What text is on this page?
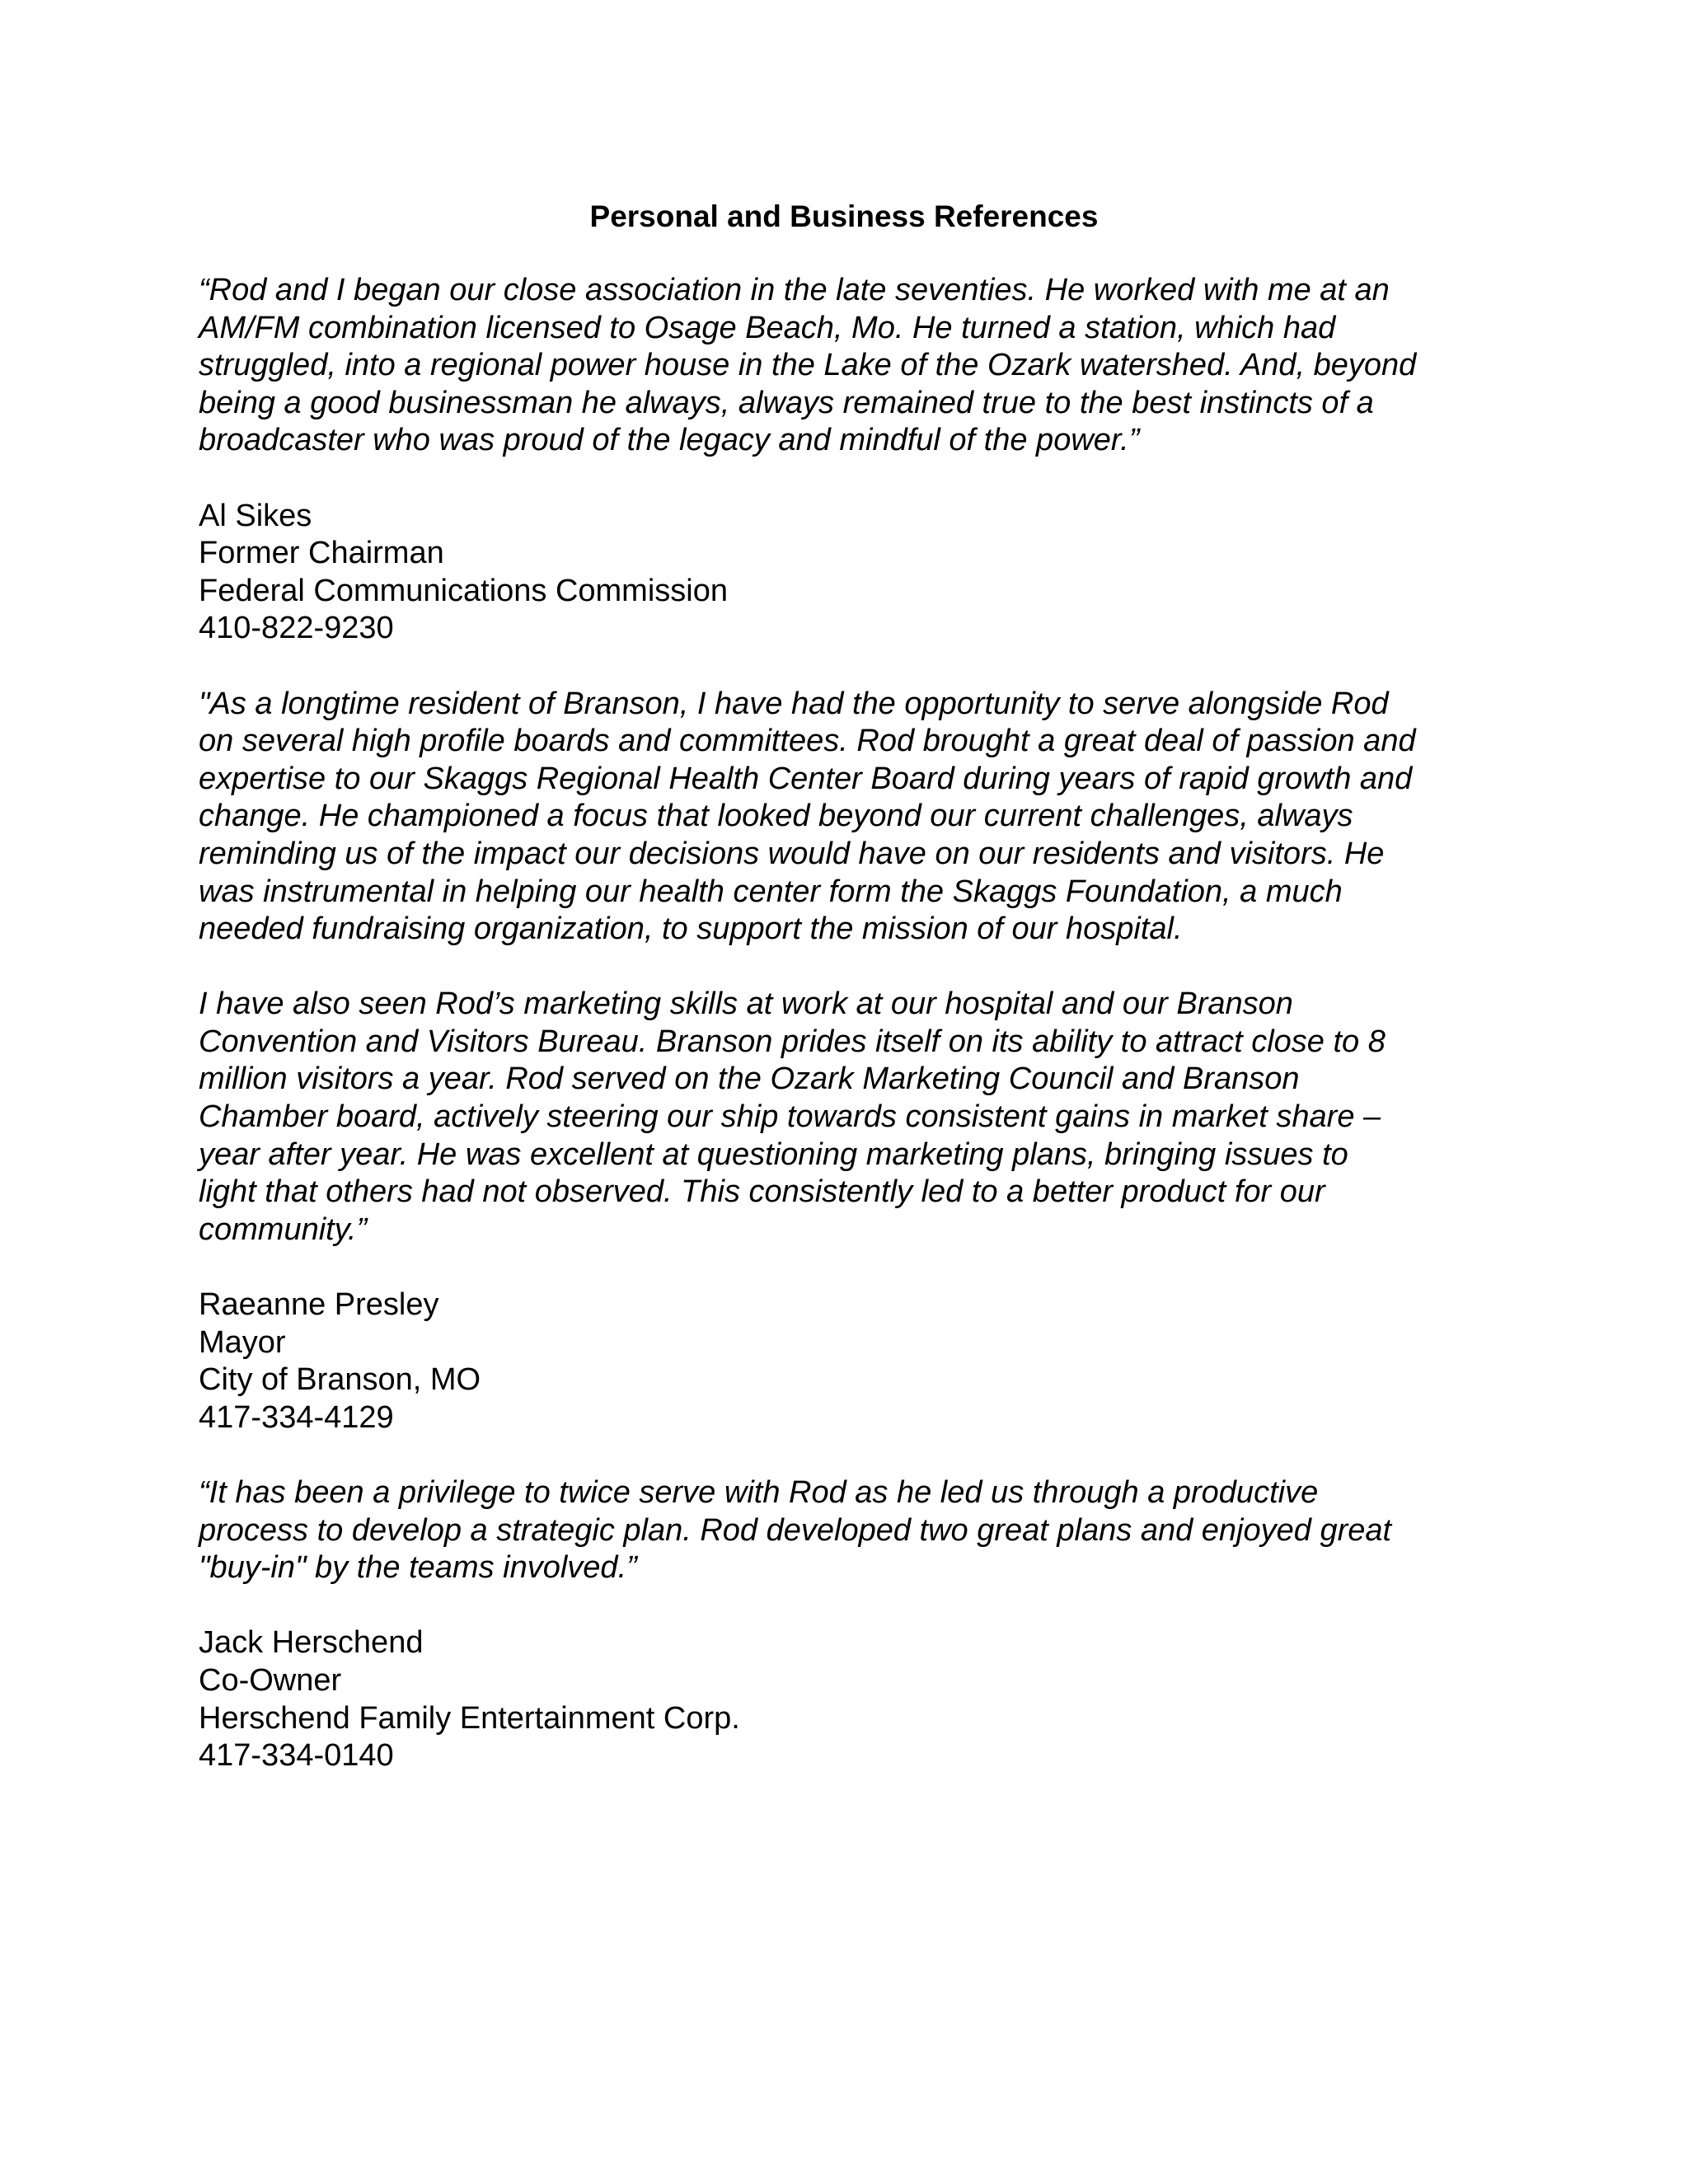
Personal and Business References
“Rod and I began our close association in the late seventies. He worked with me at an
AM/FM combination licensed to Osage Beach, Mo. He turned a station, which had
struggled, into a regional power house in the Lake of the Ozark watershed. And, beyond
being a good businessman he always, always remained true to the best instincts of a
broadcaster who was proud of the legacy and mindful of the power.”
Al Sikes
Former Chairman
Federal Communications Commission
410-822-9230
"As a longtime resident of Branson, I have had the opportunity to serve alongside Rod
on several high profile boards and committees. Rod brought a great deal of passion and
expertise to our Skaggs Regional Health Center Board during years of rapid growth and
change. He championed a focus that looked beyond our current challenges, always
reminding us of the impact our decisions would have on our residents and visitors. He
was instrumental in helping our health center form the Skaggs Foundation, a much
needed fundraising organization, to support the mission of our hospital.
I have also seen Rod’s marketing skills at work at our hospital and our Branson
Convention and Visitors Bureau. Branson prides itself on its ability to attract close to 8
million visitors a year. Rod served on the Ozark Marketing Council and Branson
Chamber board, actively steering our ship towards consistent gains in market share –
year after year. He was excellent at questioning marketing plans, bringing issues to
light that others had not observed. This consistently led to a better product for our
community.”
Raeanne Presley
Mayor
City of Branson, MO
417-334-4129
“It has been a privilege to twice serve with Rod as he led us through a productive
process to develop a strategic plan. Rod developed two great plans and enjoyed great
"buy-in" by the teams involved.”
Jack Herschend
Co-Owner
Herschend Family Entertainment Corp.
417-334-0140
